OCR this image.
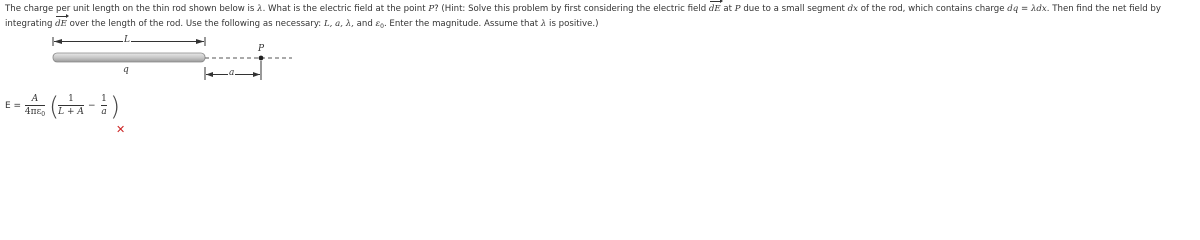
The charge per unit length on the thin rod shown below is λ. What is the electric field at the point P? (Hint: Solve this problem by first considering the electric field dE at P due to a small segment dx of the rod, which contains charge dq = λdx. Then find the net field by integrating dE over the length of the rod. Use the following as necessary: L, a, λ, and $\varepsilon_0$. Enter the magnitude. Assume that λ is positive.)

L
q
P
a
$E = \frac{A}{4\pi\varepsilon_0}$ (
$\frac{1}{L + A} - \frac{1}{a}$ )
✕
